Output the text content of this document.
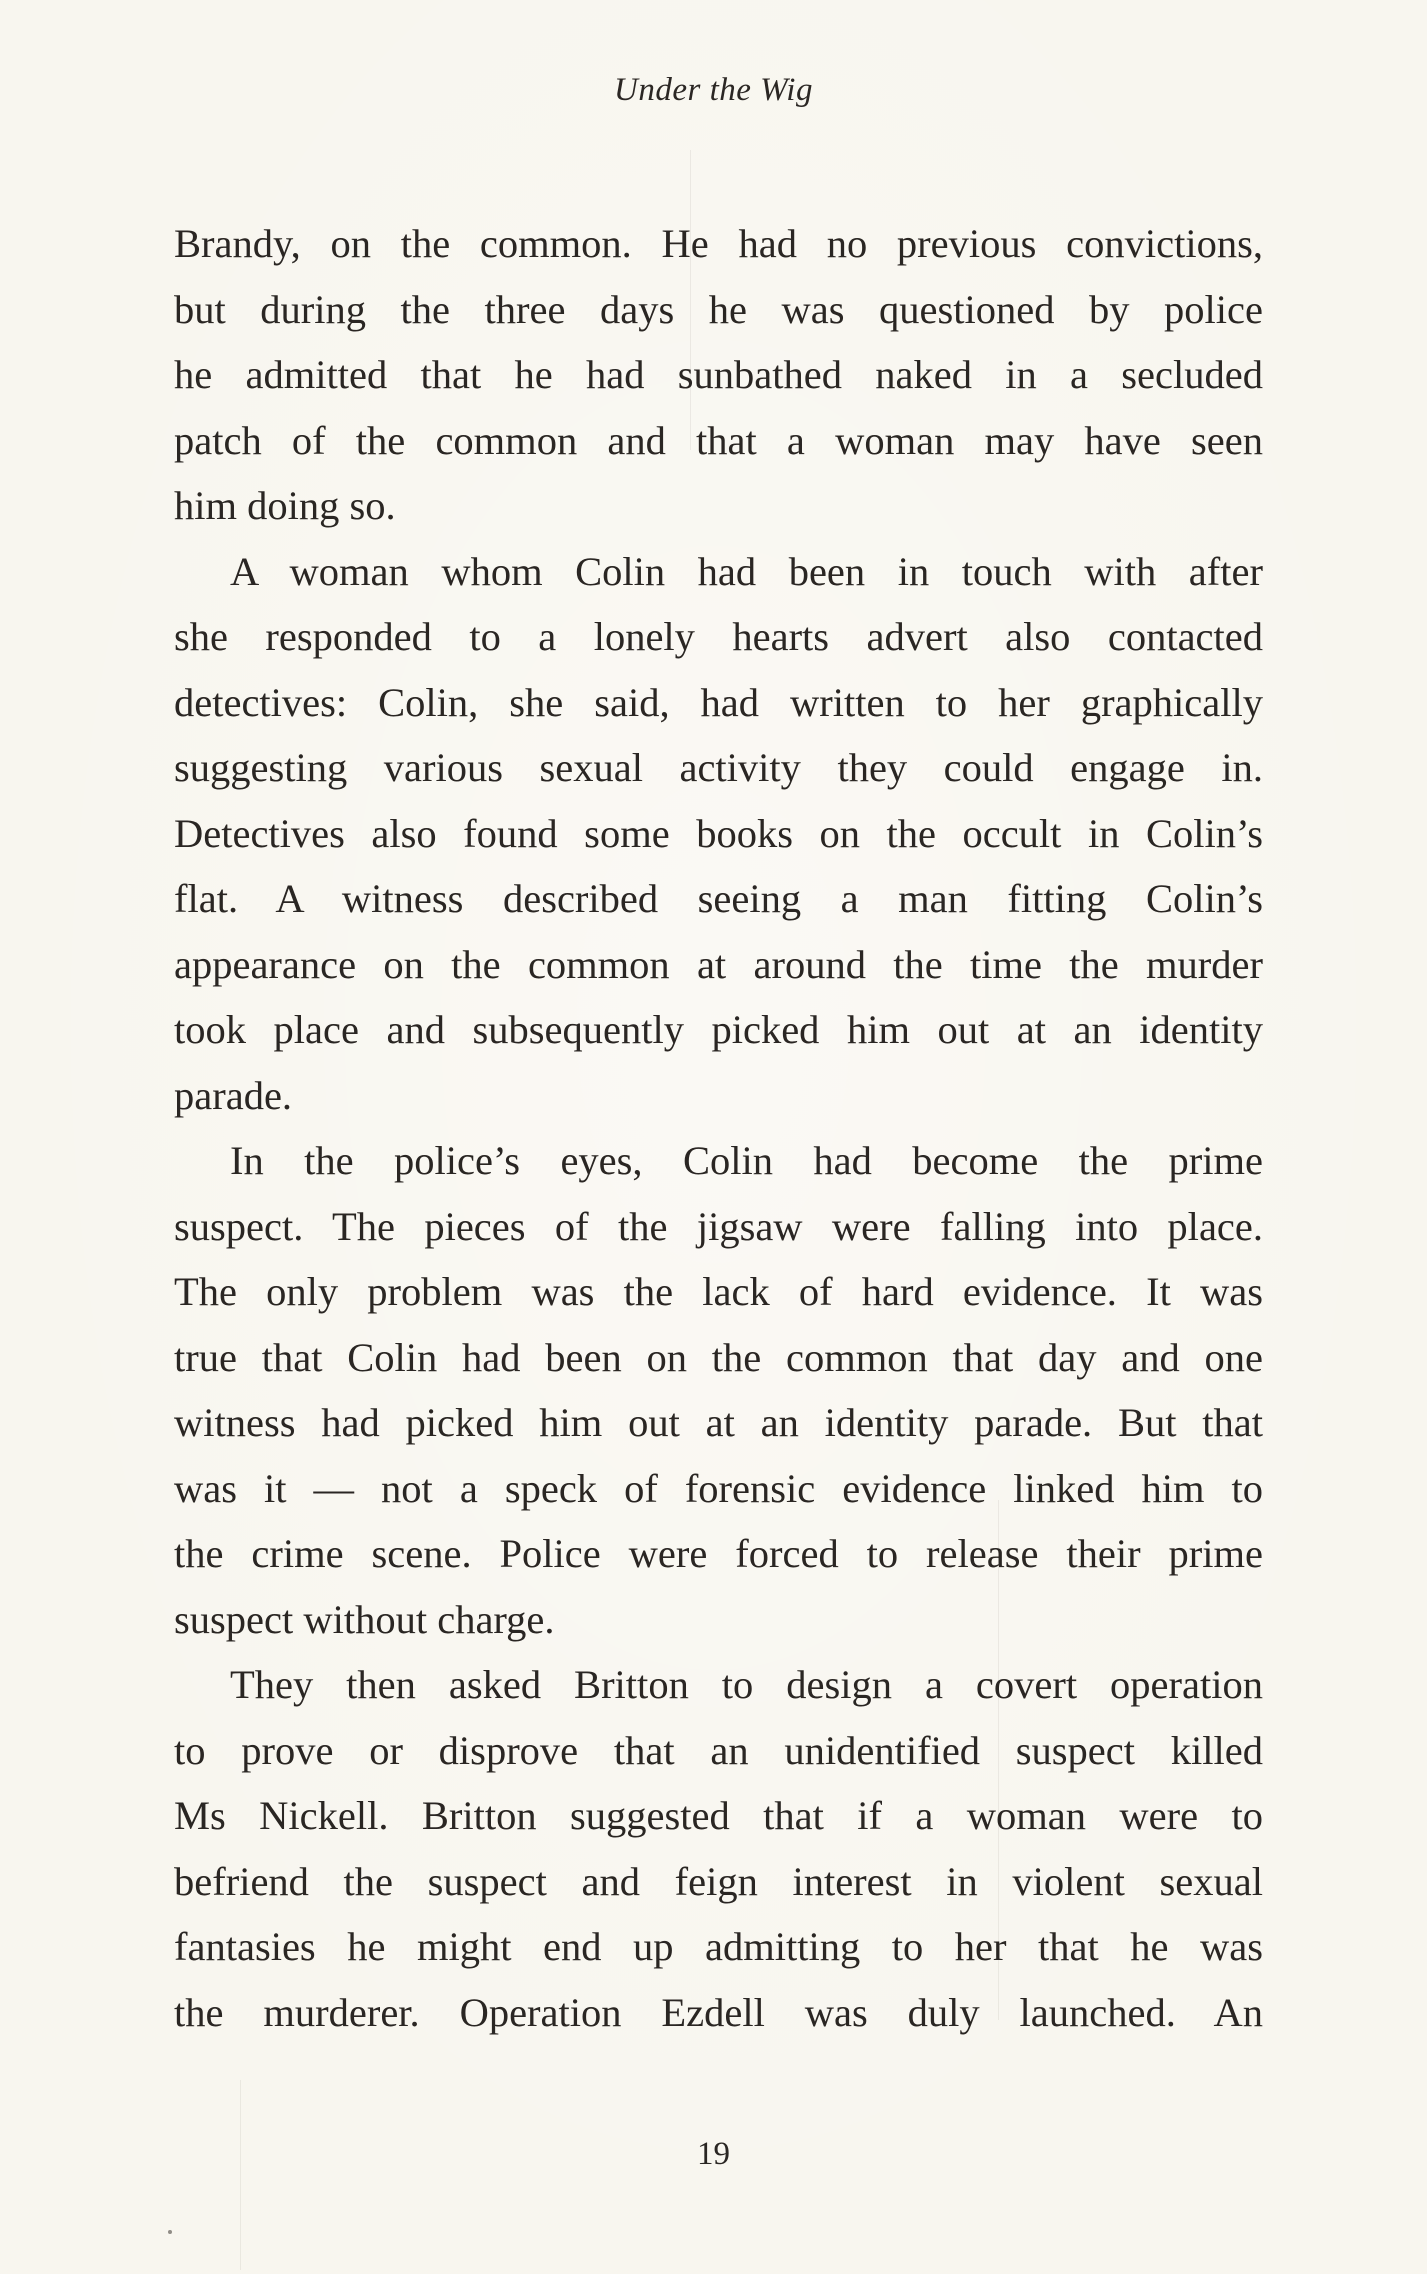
Under the Wig
Brandy, on the common. He had no previous convictions,
but during the three days he was questioned by police
he admitted that he had sunbathed naked in a secluded
patch of the common and that a woman may have seen
him doing so.
A woman whom Colin had been in touch with after
she responded to a lonely hearts advert also contacted
detectives: Colin, she said, had written to her graphically
suggesting various sexual activity they could engage in.
Detectives also found some books on the occult in Colin’s
flat. A witness described seeing a man fitting Colin’s
appearance on the common at around the time the murder
took place and subsequently picked him out at an identity
parade.
In the police’s eyes, Colin had become the prime
suspect. The pieces of the jigsaw were falling into place.
The only problem was the lack of hard evidence. It was
true that Colin had been on the common that day and one
witness had picked him out at an identity parade. But that
was it — not a speck of forensic evidence linked him to
the crime scene. Police were forced to release their prime
suspect without charge.
They then asked Britton to design a covert operation
to prove or disprove that an unidentified suspect killed
Ms Nickell. Britton suggested that if a woman were to
befriend the suspect and feign interest in violent sexual
fantasies he might end up admitting to her that he was
the murderer. Operation Ezdell was duly launched. An
19
